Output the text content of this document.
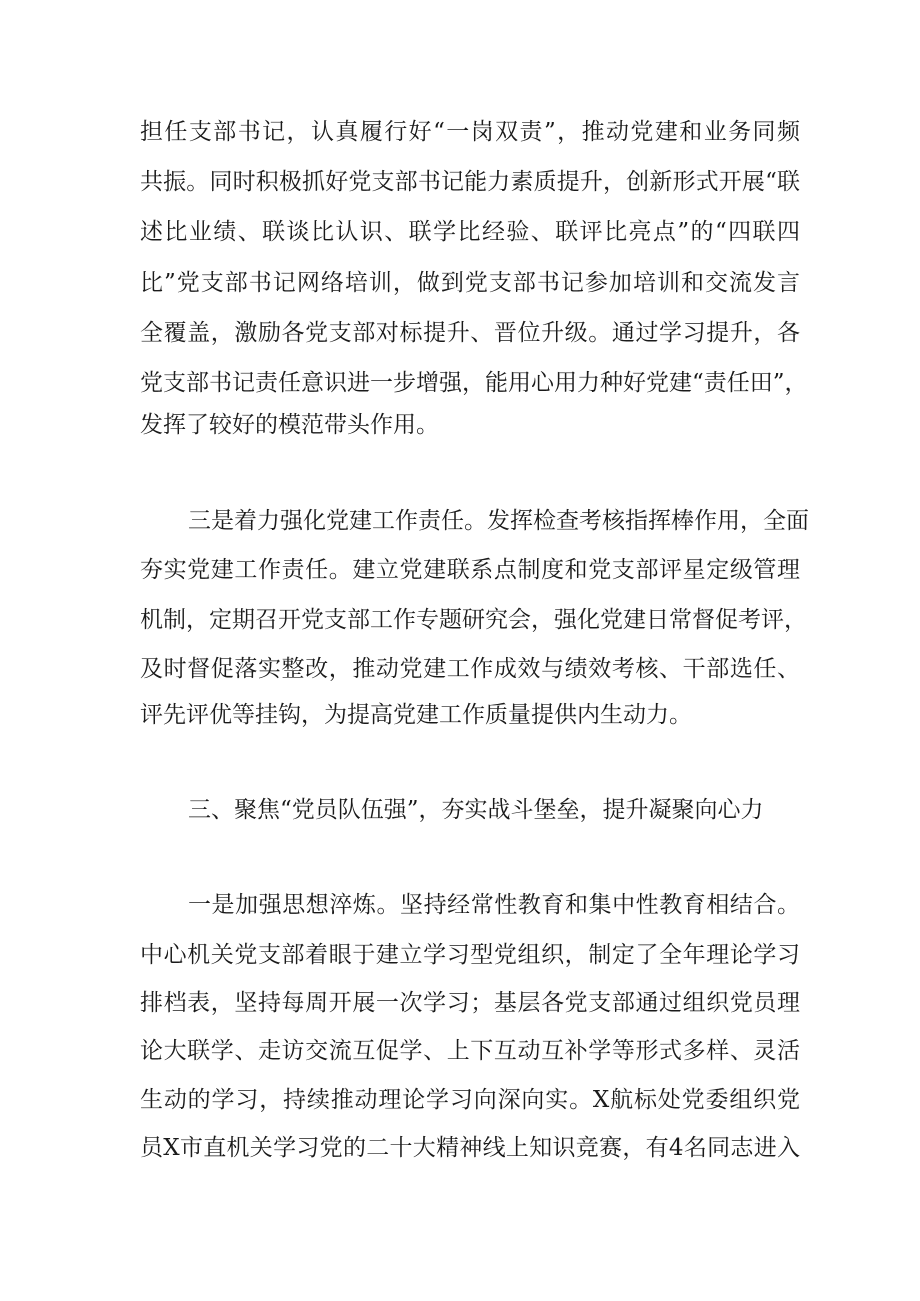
担任支部书记，认真履行好“一岗双责”，推动党建和业务同频
共振。同时积极抓好党支部书记能力素质提升，创新形式开展“联
述比业绩、联谈比认识、联学比经验、联评比亮点”的“四联四
比”党支部书记网络培训，做到党支部书记参加培训和交流发言
全覆盖，激励各党支部对标提升、晋位升级。通过学习提升，各
党支部书记责任意识进一步增强，能用心用力种好党建“责任田”，
发挥了较好的模范带头作用。
三是着力强化党建工作责任。发挥检查考核指挥棒作用，全面
夯实党建工作责任。建立党建联系点制度和党支部评星定级管理
机制，定期召开党支部工作专题研究会，强化党建日常督促考评，
及时督促落实整改，推动党建工作成效与绩效考核、干部选任、
评先评优等挂钩，为提高党建工作质量提供内生动力。
三、聚焦“党员队伍强”，夯实战斗堡垒，提升凝聚向心力
一是加强思想淬炼。坚持经常性教育和集中性教育相结合。
中心机关党支部着眼于建立学习型党组织，制定了全年理论学习
排档表，坚持每周开展一次学习；基层各党支部通过组织党员理
论大联学、走访交流互促学、上下互动互补学等形式多样、灵活
生动的学习，持续推动理论学习向深向实。X航标处党委组织党
员X市直机关学习党的二十大精神线上知识竞赛，有4名同志进入
